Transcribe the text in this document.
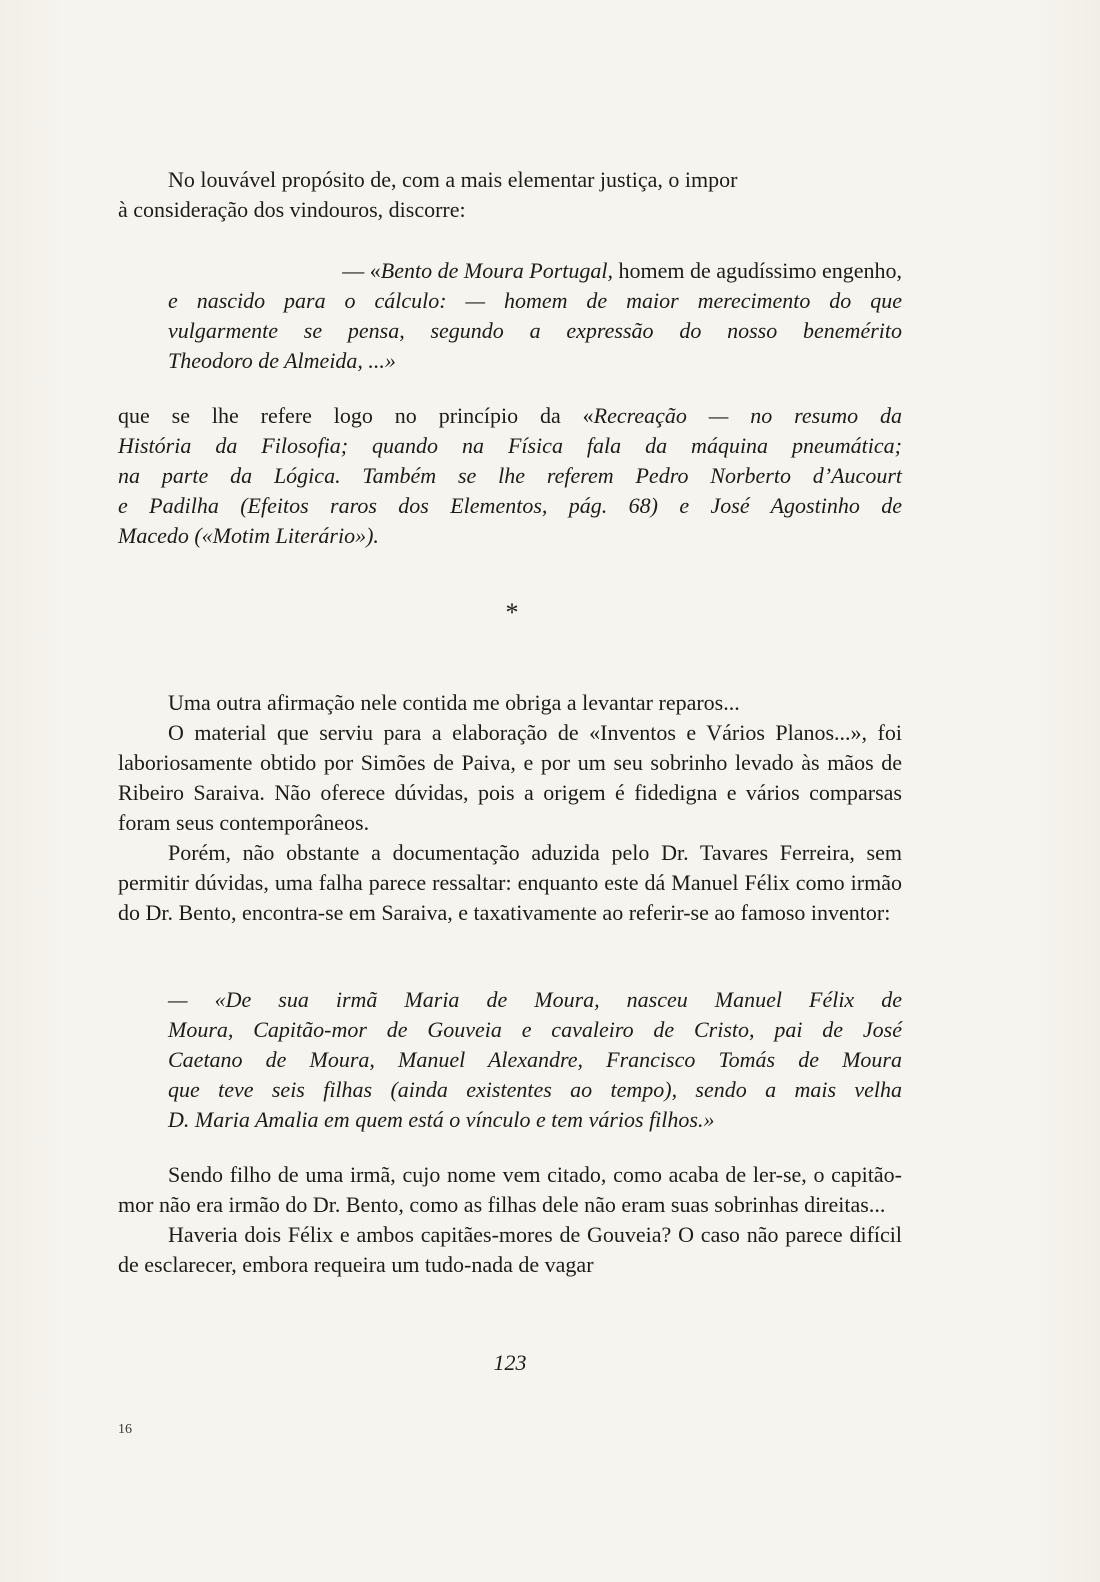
No louvável propósito de, com a mais elementar justiça, o impor

à consideração dos vindouros, discorre:

— «Bento de Moura Portugal, homem de agudíssimo engenho,

e nascido para o cálculo: — homem de maior merecimento do que

vulgarmente se pensa, segundo a expressão do nosso benemérito

Theodoro de Almeida, ...»

que se lhe refere logo no princípio da «Recreação — no resumo da

História da Filosofia; quando na Física fala da máquina pneumática;

na parte da Lógica. Também se lhe referem Pedro Norberto d’Aucourt

e Padilha (Efeitos raros dos Elementos, pág. 68) e José Agostinho de

Macedo («Motim Literário»).

*

Uma outra afirmação nele contida me obriga a levantar reparos...

O material que serviu para a elaboração de «Inventos e Vários Planos...», foi laboriosamente obtido por Simões de Paiva, e por um seu sobrinho levado às mãos de Ribeiro Saraiva. Não oferece dúvidas, pois a origem é fidedigna e vários comparsas foram seus contemporâneos.

Porém, não obstante a documentação aduzida pelo Dr. Tavares Ferreira, sem permitir dúvidas, uma falha parece ressaltar: enquanto este dá Manuel Félix como irmão do Dr. Bento, encontra-se em Saraiva, e taxativamente ao referir-se ao famoso inventor:

— «De sua irmã Maria de Moura, nasceu Manuel Félix de

Moura, Capitão-mor de Gouveia e cavaleiro de Cristo, pai de José

Caetano de Moura, Manuel Alexandre, Francisco Tomás de Moura

que teve seis filhas (ainda existentes ao tempo), sendo a mais velha

D. Maria Amalia em quem está o vínculo e tem vários filhos.»

Sendo filho de uma irmã, cujo nome vem citado, como acaba de ler-se, o capitão-mor não era irmão do Dr. Bento, como as filhas dele não eram suas sobrinhas direitas...

Haveria dois Félix e ambos capitães-mores de Gouveia? O caso não parece difícil de esclarecer, embora requeira um tudo-nada de vagar

123
16
